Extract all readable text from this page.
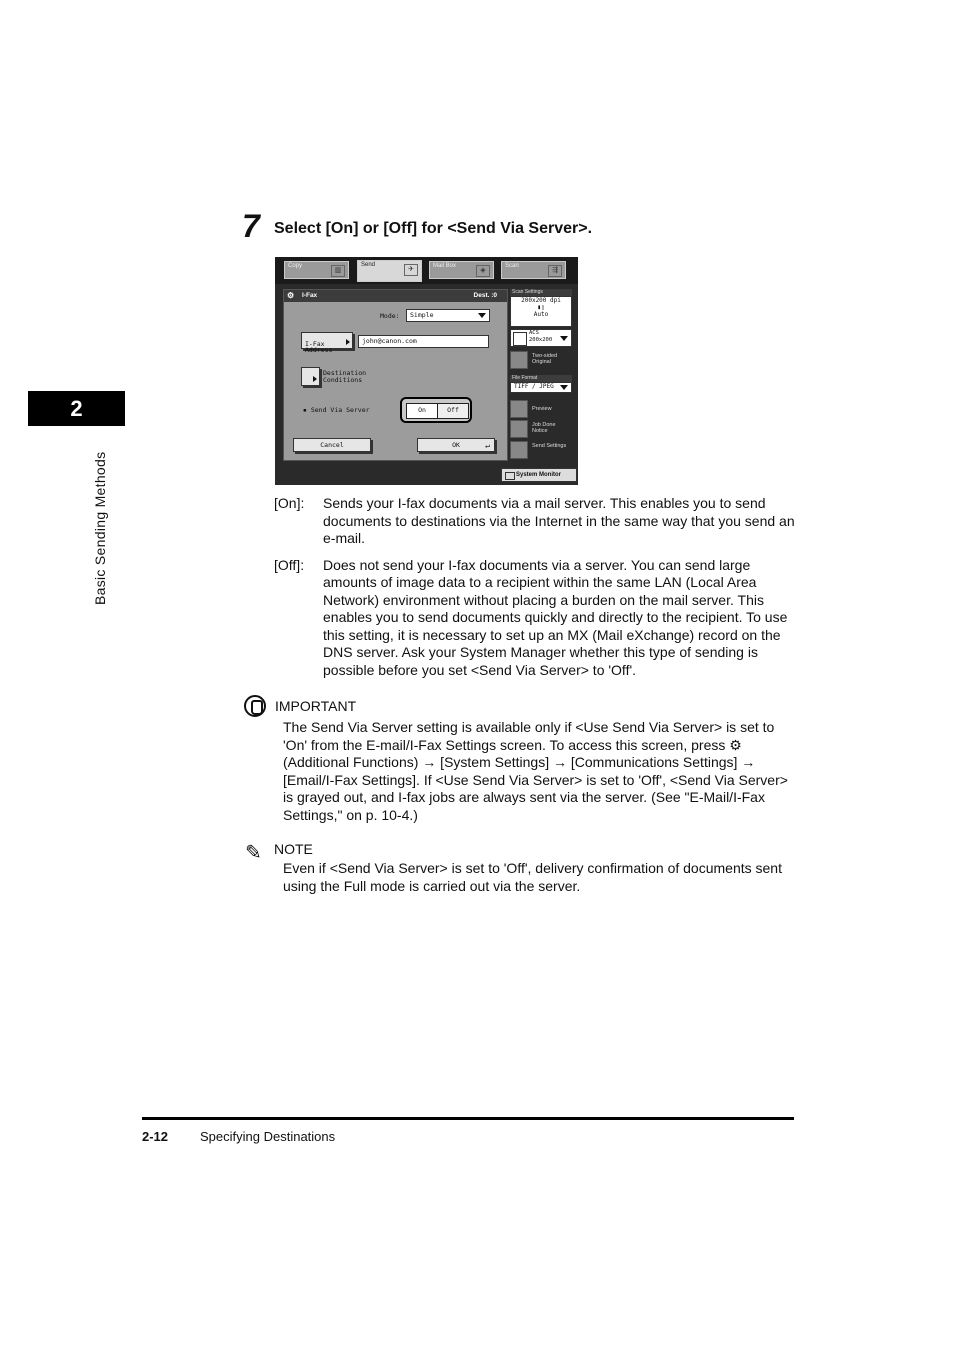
2
Basic Sending Methods
7 Select [On] or [Off] for <Send Via Server>.
Copy
▥
Send
✈	Mail Box
◈
Scan
⇶
⚙ I-Fax	Dest. :0
Mode:	Simple

I-Fax
Address

john@canon.com
Destination
Conditions
▪ Send Via Server	On	Off
Cancel	OK	↵
Scan Settings
200x200 dpi
▮▯
Auto
ACS
200x200
Two-sided Original
File Format
TIFF / JPEG
Preview
Job Done Notice
Send Settings
System Monitor
[On]:	Sends your I-fax documents via a mail server. This enables you to send documents to destinations via the Internet in the same way that you send an e-mail.
[Off]:	Does not send your I-fax documents via a server. You can send large amounts of image data to a recipient within the same LAN (Local Area Network) environment without placing a burden on the mail server. This enables you to send documents quickly and directly to the recipient. To use this setting, it is necessary to set up an MX (Mail eXchange) record on the DNS server. Ask your System Manager whether this type of sending is possible before you set <Send Via Server> to 'Off'.
IMPORTANT
The Send Via Server setting is available only if <Use Send Via Server> is set to 'On' from the E-mail/I-Fax Settings screen. To access this screen, press ⚙ (Additional Functions) → [System Settings] → [Communications Settings] → [Email/I-Fax Settings]. If <Use Send Via Server> is set to 'Off', <Send Via Server> is grayed out, and I-fax jobs are always sent via the server. (See "E-Mail/I-Fax Settings," on p. 10-4.)
✎ NOTE
Even if <Send Via Server> is set to 'Off', delivery confirmation of documents sent using the Full mode is carried out via the server.
2-12 Specifying Destinations
